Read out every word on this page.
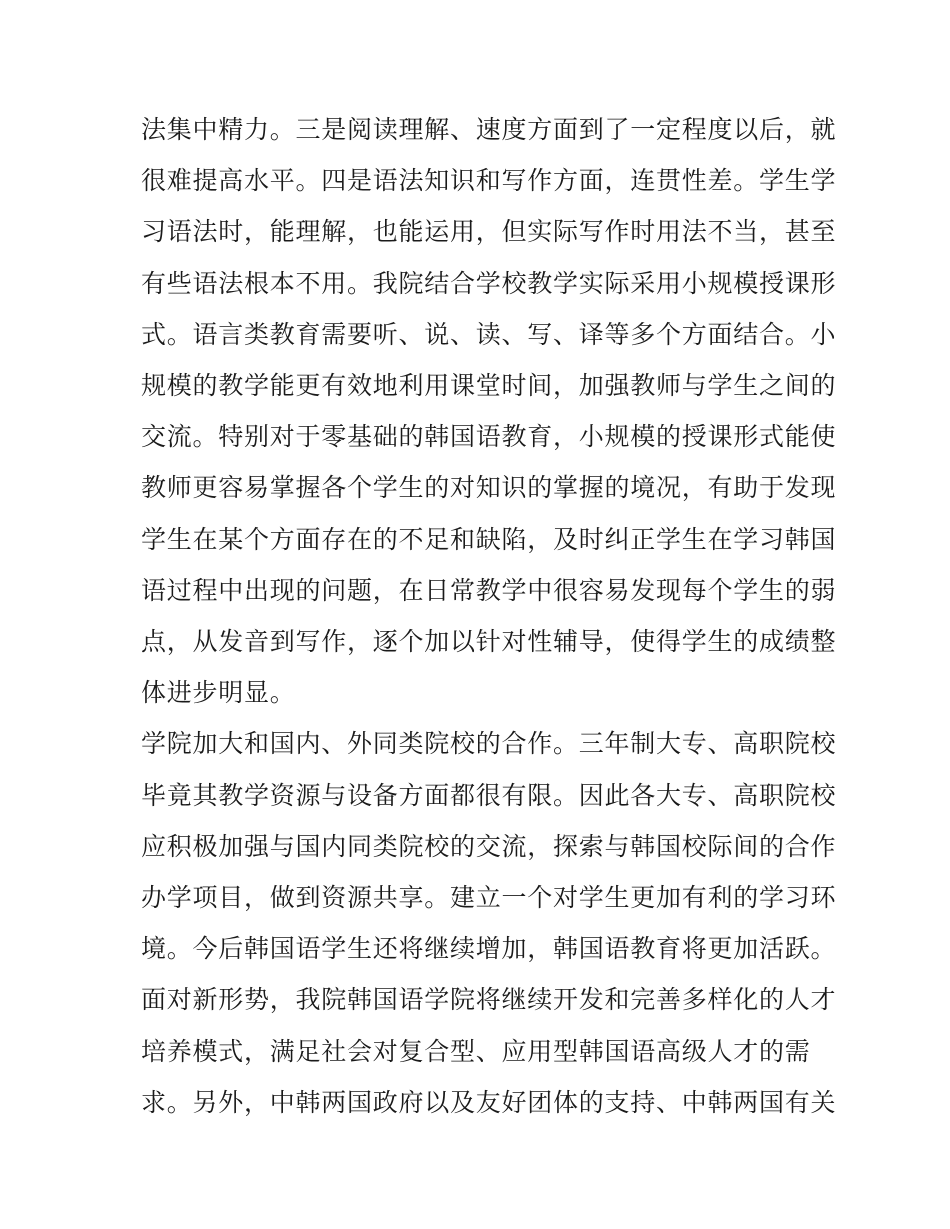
法集中精力。三是阅读理解、速度方面到了一定程度以后，就
很难提高水平。四是语法知识和写作方面，连贯性差。学生学
习语法时，能理解，也能运用，但实际写作时用法不当，甚至
有些语法根本不用。我院结合学校教学实际采用小规模授课形
式。语言类教育需要听、说、读、写、译等多个方面结合。小
规模的教学能更有效地利用课堂时间，加强教师与学生之间的
交流。特别对于零基础的韩国语教育，小规模的授课形式能使
教师更容易掌握各个学生的对知识的掌握的境况，有助于发现
学生在某个方面存在的不足和缺陷，及时纠正学生在学习韩国
语过程中出现的问题，在日常教学中很容易发现每个学生的弱
点，从发音到写作，逐个加以针对性辅导，使得学生的成绩整
体进步明显。
学院加大和国内、外同类院校的合作。三年制大专、高职院校
毕竟其教学资源与设备方面都很有限。因此各大专、高职院校
应积极加强与国内同类院校的交流，探索与韩国校际间的合作
办学项目，做到资源共享。建立一个对学生更加有利的学习环
境。今后韩国语学生还将继续增加，韩国语教育将更加活跃。
面对新形势，我院韩国语学院将继续开发和完善多样化的人才
培养模式，满足社会对复合型、应用型韩国语高级人才的需
求。另外，中韩两国政府以及友好团体的支持、中韩两国有关
